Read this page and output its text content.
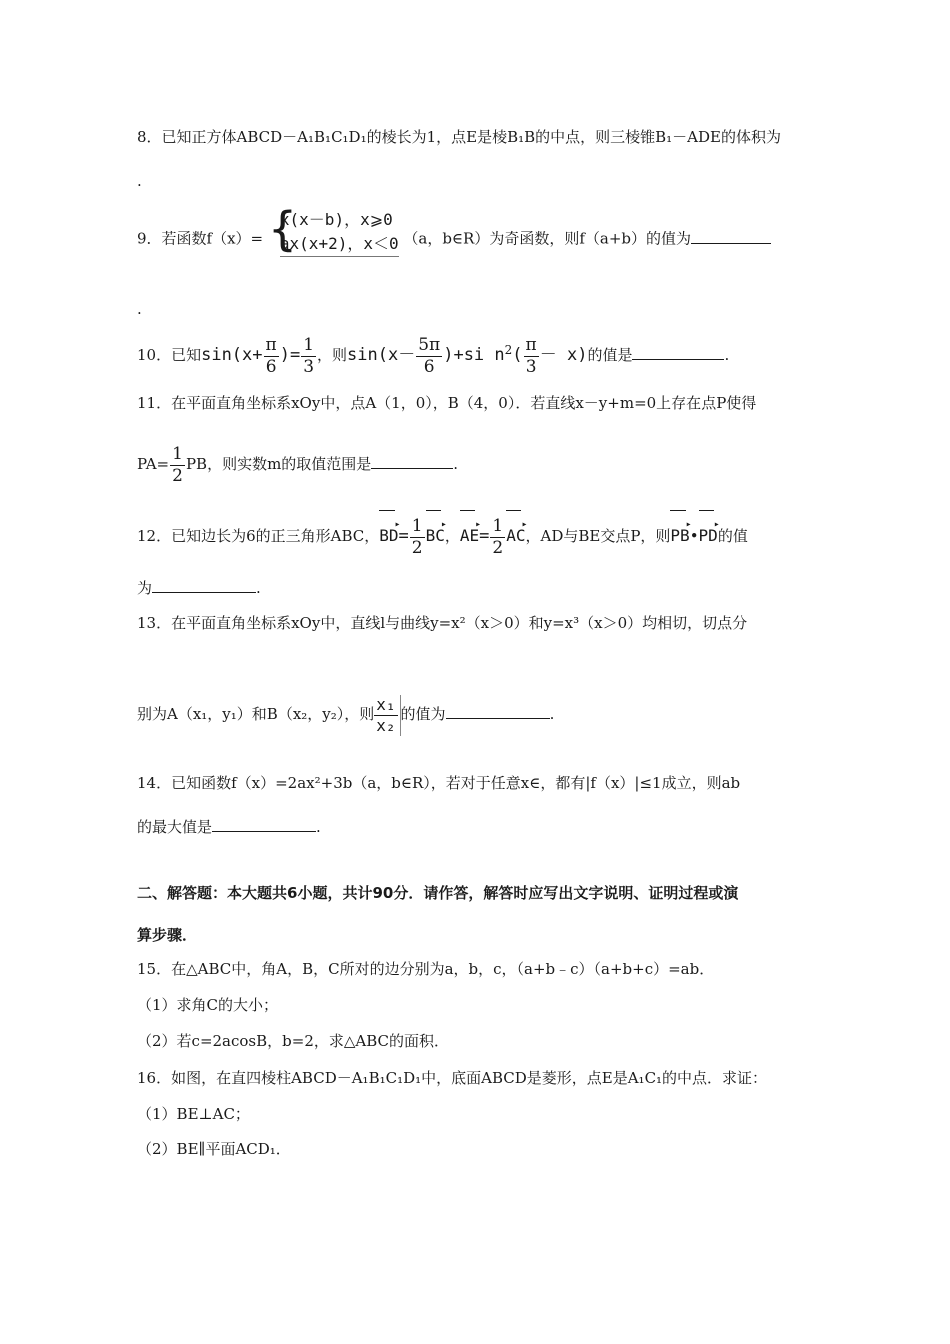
8．已知正方体ABCD－A₁B₁C₁D₁的棱长为1，点E是棱B₁B的中点，则三棱锥B₁－ADE的体积为
.
9．若函数f（x）= {
x(x－b)，x⩾0
ax(x+2)，x＜0 （a，b∈R）为奇函数，则f（a+b）的值为
.
10．已知$\sin(x+ \frac{\pi}{6}$ )= $\frac{1}{3}$ ，则$\sin(x- \frac{5\pi}{6} )+si$ $n^2( \frac{\pi}{3} - x)$的值是	.
11．在平面直角坐标系xOy中，点A（1，0），B（4，0）．若直线x－y+m=0上存在点P使得
$PA= \frac{1}{2}$ PB，则实数m的取值范围是	.
12．已知边长为6的正三角形ABC，BD ▸= $\frac{1}{2}$ BC ▸，AE ▸= $\frac{1}{2}$ AC ▸，AD与BE交点P，则PB ▸•PD ▸的值
为	.
13．在平面直角坐标系xOy中，直线l与曲线y=x²（x＞0）和y=x³（x＞0）均相切，切点分
别为A（x₁，y₁）和B（x₂，y₂），则 $\frac{\text{x₁}}{\text{x₂}}$ 的值为	.
14．已知函数f（x）=2ax²+3b（a，b∈R），若对于任意x∈，都有|f（x）|≤1成立，则ab
的最大值是	.
二、解答题：本大题共6小题，共计90分．请作答，解答时应写出文字说明、证明过程或演
算步骤．
15．在△ABC中，角A，B，C所对的边分别为a，b，c，（a+b﹣c）（a+b+c）=ab．
（1）求角C的大小；
（2）若c=2acosB，b=2，求△ABC的面积．
16．如图，在直四棱柱ABCD－A₁B₁C₁D₁中，底面ABCD是菱形，点E是A₁C₁的中点．求证：
（1）BE⊥AC；
（2）BE∥平面ACD₁．
